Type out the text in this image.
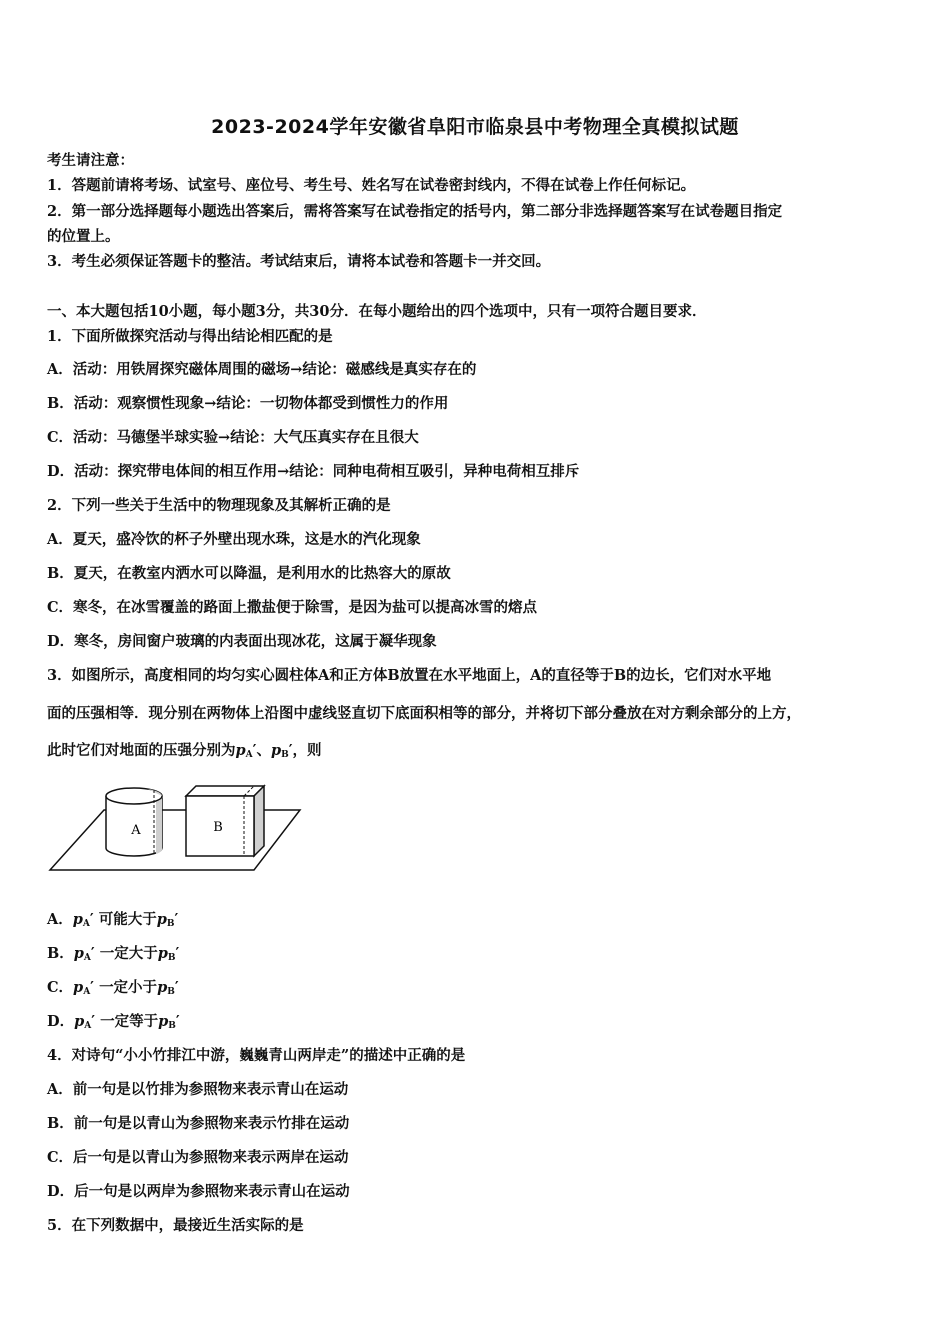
2023-2024学年安徽省阜阳市临泉县中考物理全真模拟试题
考生请注意：
1．答题前请将考场、试室号、座位号、考生号、姓名写在试卷密封线内，不得在试卷上作任何标记。
2．第一部分选择题每小题选出答案后，需将答案写在试卷指定的括号内，第二部分非选择题答案写在试卷题目指定
的位置上。
3．考生必须保证答题卡的整洁。考试结束后，请将本试卷和答题卡一并交回。
一、本大题包括10小题，每小题3分，共30分．在每小题给出的四个选项中，只有一项符合题目要求．
1．下面所做探究活动与得出结论相匹配的是
A．活动：用铁屑探究磁体周围的磁场→结论：磁感线是真实存在的
B．活动：观察惯性现象→结论：一切物体都受到惯性力的作用
C．活动：马德堡半球实验→结论：大气压真实存在且很大
D．活动：探究带电体间的相互作用→结论：同种电荷相互吸引，异种电荷相互排斥
2．下列一些关于生活中的物理现象及其解析正确的是
A．夏天，盛冷饮的杯子外壁出现水珠，这是水的汽化现象
B．夏天，在教室内洒水可以降温，是利用水的比热容大的原故
C．寒冬，在冰雪覆盖的路面上撒盐便于除雪，是因为盐可以提高冰雪的熔点
D．寒冬，房间窗户玻璃的内表面出现冰花，这属于凝华现象
3．如图所示，高度相同的均匀实心圆柱体A和正方体B放置在水平地面上，A的直径等于B的边长，它们对水平地
面的压强相等．现分别在两物体上沿图中虚线竖直切下底面积相等的部分，并将切下部分叠放在对方剩余部分的上方，
此时它们对地面的压强分别为$p_A'$、$p_B'$，则
A	B
A．$p_A'$ 可能大于$p_B'$
B．$p_A'$ 一定大于$p_B'$
C．$p_A'$ 一定小于$p_B'$
D．$p_A'$ 一定等于$p_B'$
4．对诗句“小小竹排江中游，巍巍青山两岸走”的描述中正确的是
A．前一句是以竹排为参照物来表示青山在运动
B．前一句是以青山为参照物来表示竹排在运动
C．后一句是以青山为参照物来表示两岸在运动
D．后一句是以两岸为参照物来表示青山在运动
5．在下列数据中，最接近生活实际的是
